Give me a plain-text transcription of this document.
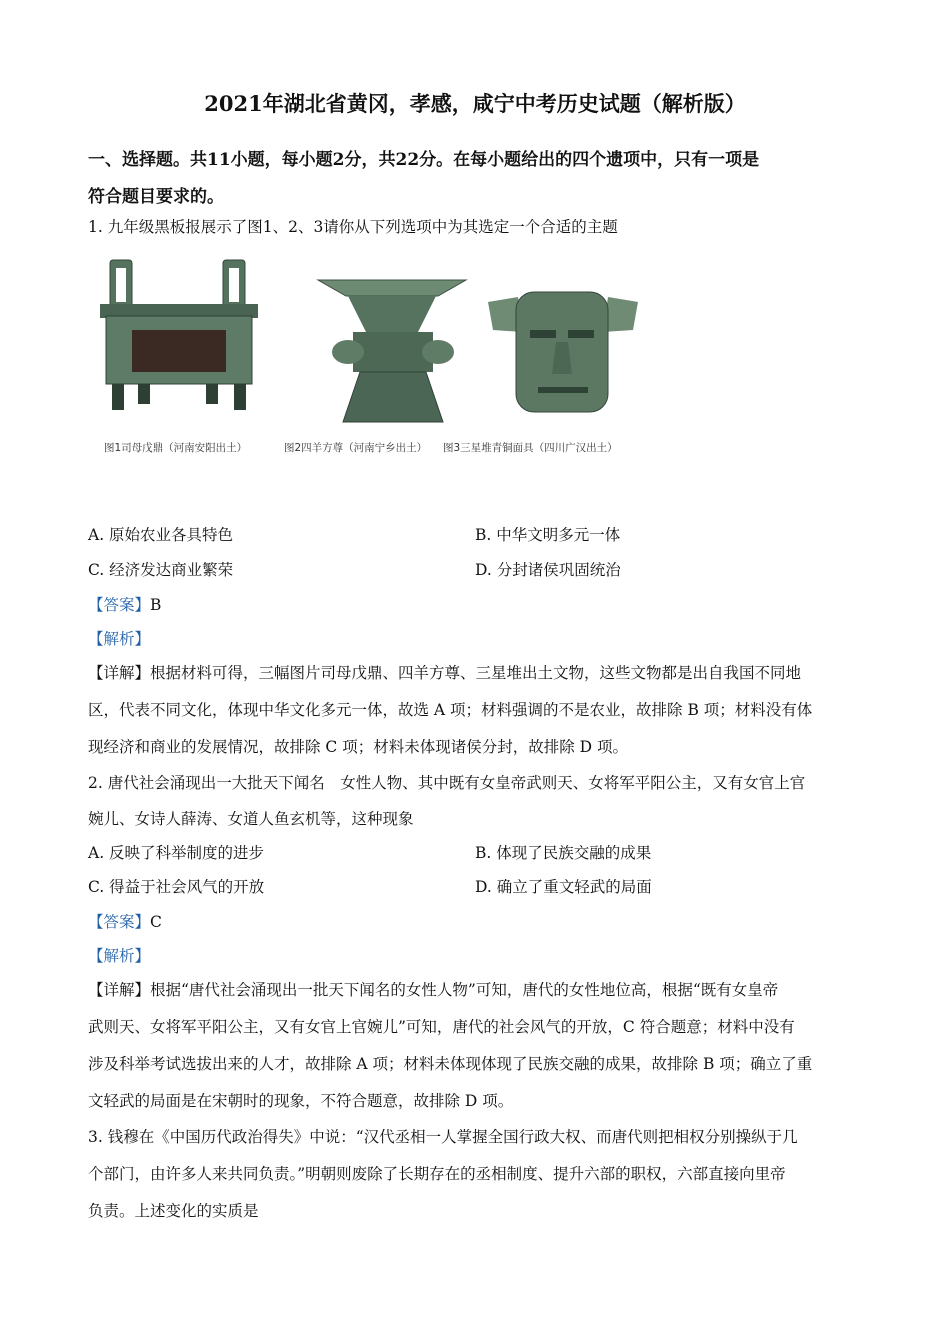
2021年湖北省黄冈，孝感，咸宁中考历史试题（解析版）
一、选择题。共11小题，每小题2分，共22分。在每小题给出的四个遗项中，只有一项是
符合题目要求的。
1. 九年级黑板报展示了图1、2、3请你从下列选项中为其选定一个合适的主题
图1司母戊鼎（河南安阳出土）	图2四羊方尊（河南宁乡出土） 图3三星堆青铜面具（四川广汉出土）
A. 原始农业各具特色	B. 中华文明多元一体
C. 经济发达商业繁荣	D. 分封诸侯巩固统治
【答案】B
【解析】
【详解】根据材料可得，三幅图片司母戊鼎、四羊方尊、三星堆出土文物，这些文物都是出自我国不同地
区，代表不同文化，体现中华文化多元一体，故选 A 项；材料强调的不是农业，故排除 B 项；材料没有体
现经济和商业的发展情况，故排除 C 项；材料未体现诸侯分封，故排除 D 项。
2. 唐代社会涌现出一大批天下闻名　女性人物、其中既有女皇帝武则天、女将军平阳公主，又有女官上官
婉儿、女诗人薛涛、女道人鱼玄机等，这种现象
A. 反映了科举制度的进步	B. 体现了民族交融的成果
C. 得益于社会风气的开放	D. 确立了重文轻武的局面
【答案】C
【解析】
【详解】根据“唐代社会涌现出一批天下闻名的女性人物”可知，唐代的女性地位高，根据“既有女皇帝
武则天、女将军平阳公主，又有女官上官婉儿”可知，唐代的社会风气的开放，C 符合题意；材料中没有
涉及科举考试选拔出来的人才，故排除 A 项；材料未体现体现了民族交融的成果，故排除 B 项；确立了重
文轻武的局面是在宋朝时的现象，不符合题意，故排除 D 项。
3. 钱穆在《中国历代政治得失》中说：“汉代丞相一人掌握全国行政大权、而唐代则把相权分别操纵于几
个部门，由许多人来共同负责。”明朝则废除了长期存在的丞相制度、提升六部的职权，六部直接向里帝
负责。上述变化的实质是
